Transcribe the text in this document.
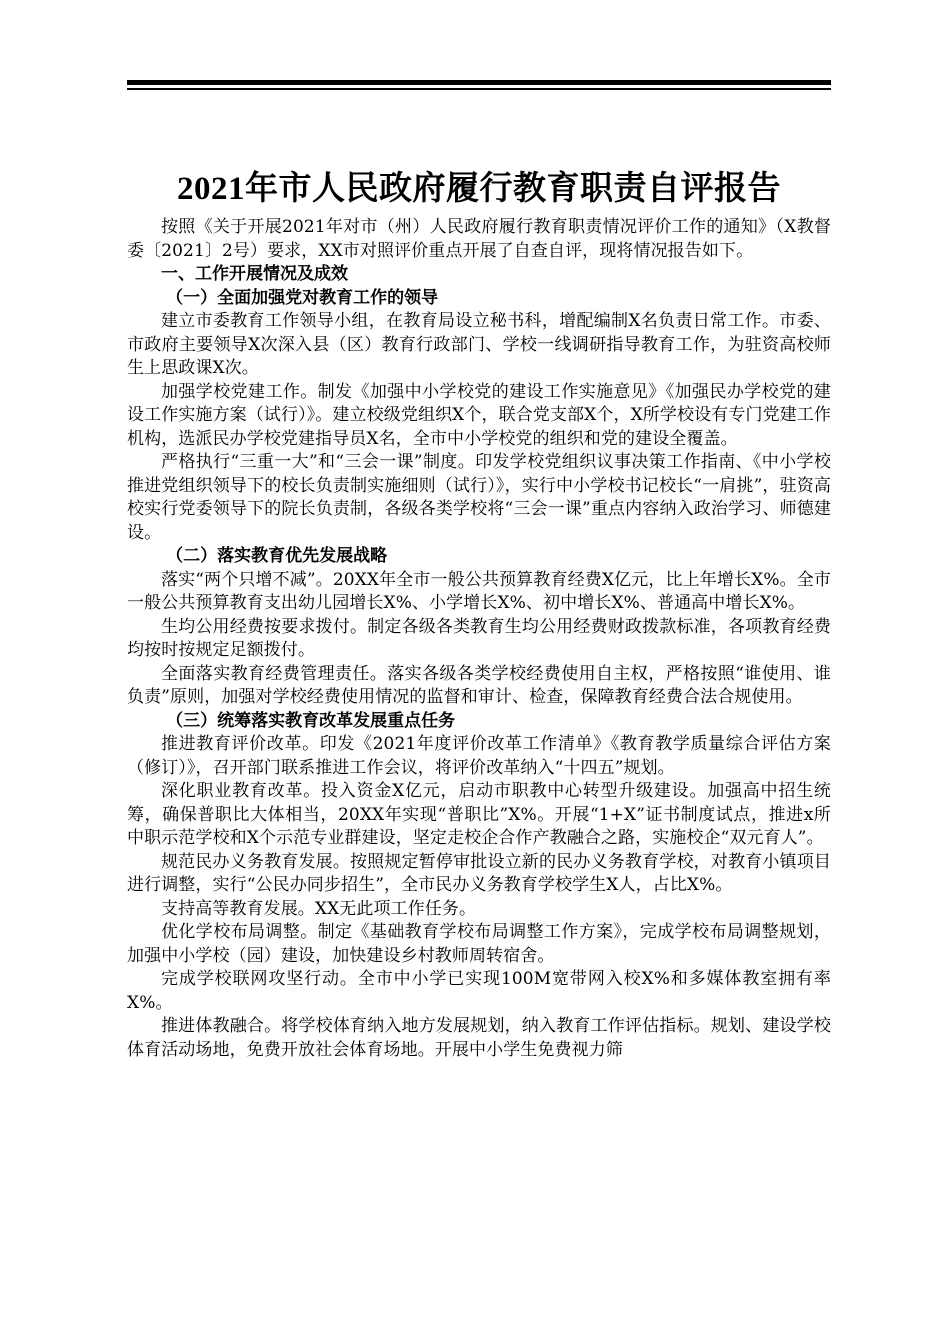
2021年市人民政府履行教育职责自评报告

按照《关于开展2021年对市（州）人民政府履行教育职责情况评价工作的通知》（X教督委〔2021〕2号）要求，XX市对照评价重点开展了自查自评，现将情况报告如下。

一、工作开展情况及成效

（一）全面加强党对教育工作的领导

建立市委教育工作领导小组，在教育局设立秘书科，增配编制X名负责日常工作。市委、市政府主要领导X次深入县（区）教育行政部门、学校一线调研指导教育工作，为驻资高校师生上思政课X次。

加强学校党建工作。制发《加强中小学校党的建设工作实施意见》《加强民办学校党的建设工作实施方案（试行）》。建立校级党组织X个，联合党支部X个，X所学校设有专门党建工作机构，选派民办学校党建指导员X名，全市中小学校党的组织和党的建设全覆盖。

严格执行“三重一大”和“三会一课”制度。印发学校党组织议事决策工作指南、《中小学校推进党组织领导下的校长负责制实施细则（试行）》，实行中小学校书记校长“一肩挑”，驻资高校实行党委领导下的院长负责制，各级各类学校将“三会一课”重点内容纳入政治学习、师德建设。

（二）落实教育优先发展战略

落实“两个只增不减”。20XX年全市一般公共预算教育经费X亿元，比上年增长X%。全市一般公共预算教育支出幼儿园增长X%、小学增长X%、初中增长X%、普通高中增长X%。

生均公用经费按要求拨付。制定各级各类教育生均公用经费财政拨款标准，各项教育经费均按时按规定足额拨付。

全面落实教育经费管理责任。落实各级各类学校经费使用自主权，严格按照“谁使用、谁负责”原则，加强对学校经费使用情况的监督和审计、检查，保障教育经费合法合规使用。

（三）统筹落实教育改革发展重点任务

推进教育评价改革。印发《2021年度评价改革工作清单》《教育教学质量综合评估方案（修订）》，召开部门联系推进工作会议，将评价改革纳入“十四五”规划。

深化职业教育改革。投入资金X亿元，启动市职教中心转型升级建设。加强高中招生统筹，确保普职比大体相当，20XX年实现“普职比”X%。开展“1+X”证书制度试点，推进x所中职示范学校和X个示范专业群建设，坚定走校企合作产教融合之路，实施校企“双元育人”。

规范民办义务教育发展。按照规定暂停审批设立新的民办义务教育学校，对教育小镇项目进行调整，实行“公民办同步招生”，全市民办义务教育学校学生X人，占比X%。

支持高等教育发展。XX无此项工作任务。

优化学校布局调整。制定《基础教育学校布局调整工作方案》，完成学校布局调整规划，加强中小学校（园）建设，加快建设乡村教师周转宿舍。

完成学校联网攻坚行动。全市中小学已实现100M宽带网入校X%和多媒体教室拥有率X%。

推进体教融合。将学校体育纳入地方发展规划，纳入教育工作评估指标。规划、建设学校体育活动场地，免费开放社会体育场地。开展中小学生免费视力筛
